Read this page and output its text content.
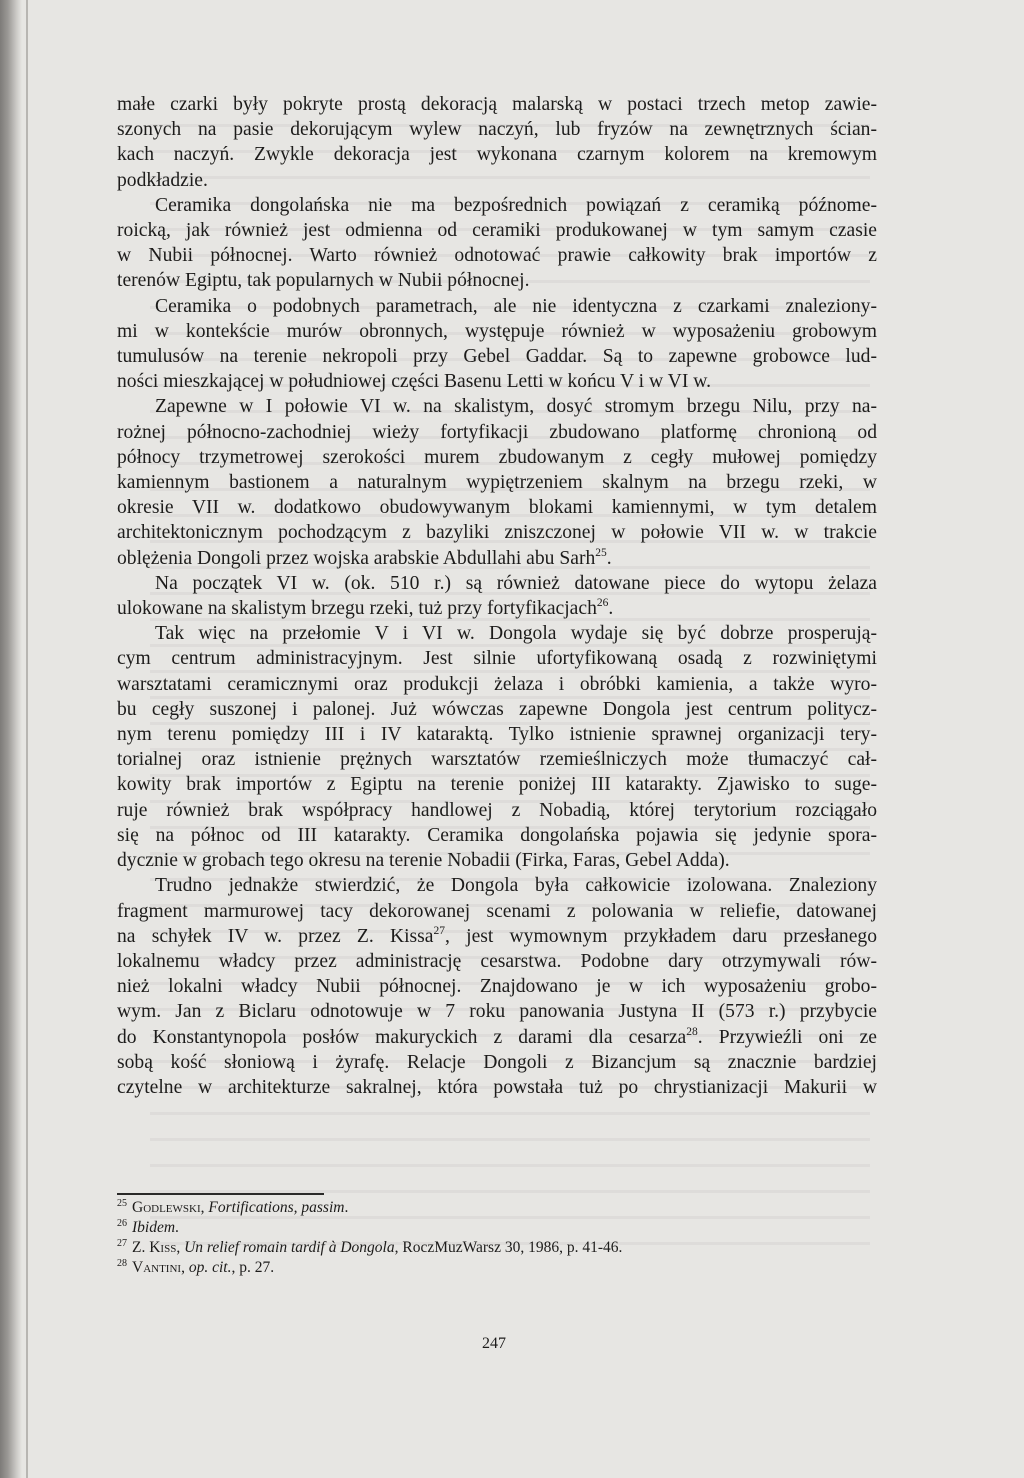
małe czarki były pokryte prostą dekoracją malarską w postaci trzech metop zawie-
szonych na pasie dekorującym wylew naczyń, lub fryzów na zewnętrznych ścian-
kach naczyń. Zwykle dekoracja jest wykonana czarnym kolorem na kremowym
podkładzie.
Ceramika dongolańska nie ma bezpośrednich powiązań z ceramiką późnome-
roicką, jak również jest odmienna od ceramiki produkowanej w tym samym czasie
w Nubii północnej. Warto również odnotować prawie całkowity brak importów z
terenów Egiptu, tak popularnych w Nubii północnej.
Ceramika o podobnych parametrach, ale nie identyczna z czarkami znaleziony-
mi w kontekście murów obronnych, występuje również w wyposażeniu grobowym
tumulusów na terenie nekropoli przy Gebel Gaddar. Są to zapewne grobowce lud-
ności mieszkającej w południowej części Basenu Letti w końcu V i w VI w.
Zapewne w I połowie VI w. na skalistym, dosyć stromym brzegu Nilu, przy na-
rożnej północno-zachodniej wieży fortyfikacji zbudowano platformę chronioną od
północy trzymetrowej szerokości murem zbudowanym z cegły mułowej pomiędzy
kamiennym bastionem a naturalnym wypiętrzeniem skalnym na brzegu rzeki, w
okresie VII w. dodatkowo obudowywanym blokami kamiennymi, w tym detalem
architektonicznym pochodzącym z bazyliki zniszczonej w połowie VII w. w trakcie
oblężenia Dongoli przez wojska arabskie Abdullahi abu Sarh$^{25}$.
Na początek VI w. (ok. 510 r.) są również datowane piece do wytopu żelaza
ulokowane na skalistym brzegu rzeki, tuż przy fortyfikacjach$^{26}$.
Tak więc na przełomie V i VI w. Dongola wydaje się być dobrze prosperują-
cym centrum administracyjnym. Jest silnie ufortyfikowaną osadą z rozwiniętymi
warsztatami ceramicznymi oraz produkcji żelaza i obróbki kamienia, a także wyro-
bu cegły suszonej i palonej. Już wówczas zapewne Dongola jest centrum politycz-
nym terenu pomiędzy III i IV kataraktą. Tylko istnienie sprawnej organizacji tery-
torialnej oraz istnienie prężnych warsztatów rzemieślniczych może tłumaczyć cał-
kowity brak importów z Egiptu na terenie poniżej III katarakty. Zjawisko to suge-
ruje również brak współpracy handlowej z Nobadią, której terytorium rozciągało
się na północ od III katarakty. Ceramika dongolańska pojawia się jedynie spora-
dycznie w grobach tego okresu na terenie Nobadii (Firka, Faras, Gebel Adda).
Trudno jednakże stwierdzić, że Dongola była całkowicie izolowana. Znaleziony
fragment marmurowej tacy dekorowanej scenami z polowania w reliefie, datowanej
na schyłek IV w. przez Z. Kissa$^{27}$, jest wymownym przykładem daru przesłanego
lokalnemu władcy przez administrację cesarstwa. Podobne dary otrzymywali rów-
nież lokalni władcy Nubii północnej. Znajdowano je w ich wyposażeniu grobo-
wym. Jan z Biclaru odnotowuje w 7 roku panowania Justyna II (573 r.) przybycie
do Konstantynopola posłów makuryckich z darami dla cesarza$^{28}$. Przywieźli oni ze
sobą kość słoniową i żyrafę. Relacje Dongoli z Bizancjum są znacznie bardziej
czytelne w architekturze sakralnej, która powstała tuż po chrystianizacji Makurii w
$^{25}$ Godlewski, Fortifications, passim.
$^{26}$ Ibidem.
$^{27}$ Z. Kiss, Un relief romain tardif à Dongola, RoczMuzWarsz 30, 1986, p. 41-46.
$^{28}$ Vantini, op. cit., p. 27.
247
